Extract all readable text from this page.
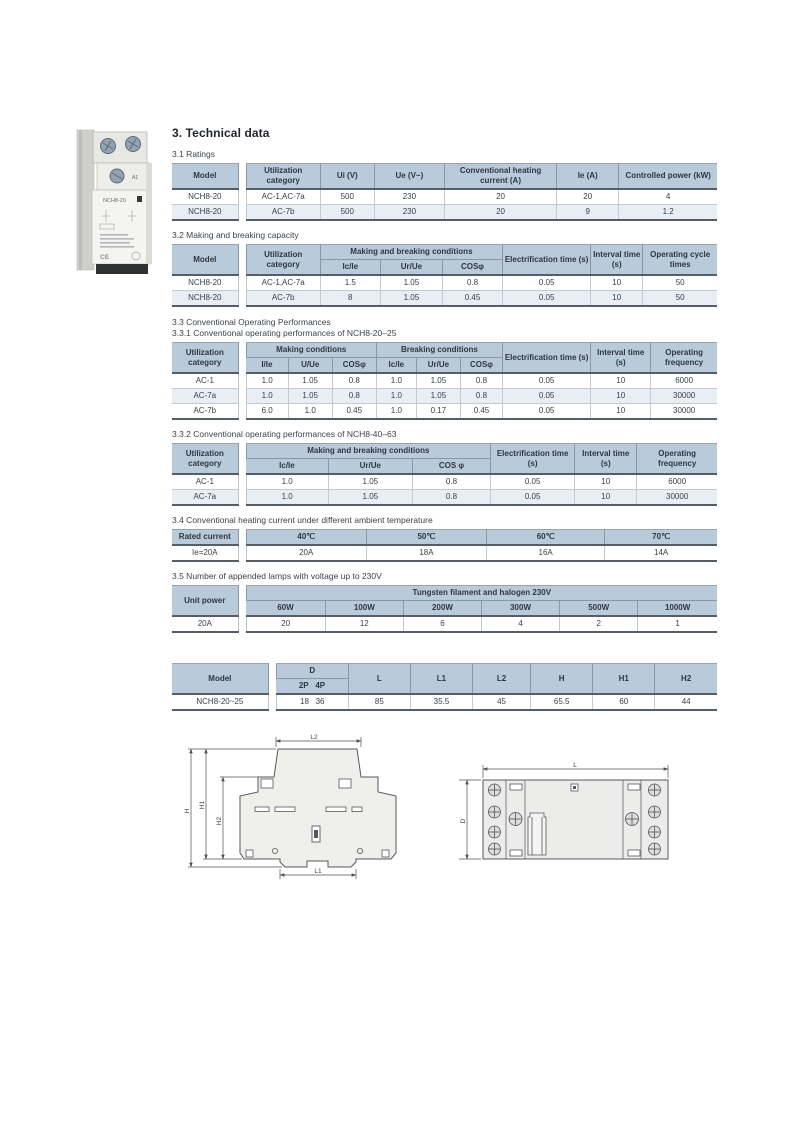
A1
NCH8-20
CE
3. Technical data

3.1 Ratings

Model		Utilization category	Ui (V)	Ue (V~)	Conventional heating current (A)	Ie (A)	Controlled power (kW)
NCH8-20		AC-1,AC-7a	500	230	20	20	4
NCH8-20		AC-7b	500	230	20	9	1.2

3.2 Making and breaking capacity

Model		Utilization category	Making and breaking conditions			Electrification time (s)	Interval time (s)	Operating cycle times
			Ic/Ie	Ur/Ue	COSφ			
NCH8-20		AC-1,AC-7a	1.5	1.05	0.8	0.05	10	50
NCH8-20		AC-7b	8	1.05	0.45	0.05	10	50

3.3 Conventional Operating Performances

3.3.1 Conventional operating performances of NCH8-20–25

Utilization category		Making conditions			Breaking conditions			Electrification time (s)	Interval time (s)	Operating frequency
		I/Ie	U/Ue	COSφ	Ic/Ie	Ur/Ue	COSφ			
AC-1		1.0	1.05	0.8	1.0	1.05	0.8	0.05	10	6000
AC-7a		1.0	1.05	0.8	1.0	1.05	0.8	0.05	10	30000
AC-7b		6.0	1.0	0.45	1.0	0.17	0.45	0.05	10	30000

3.3.2 Conventional operating performances of NCH8-40–63

Utilization category		Making and breaking conditions			Electrification time (s)	Interval time (s)	Operating frequency
		Ic/Ie	Ur/Ue	COS φ			
AC-1		1.0	1.05	0.8	0.05	10	6000
AC-7a		1.0	1.05	0.8	0.05	10	30000

3.4 Conventional heating current under different ambient temperature

Rated current		40℃	50℃	60℃	70℃
Ie=20A		20A	18A	16A	14A

3.5 Number of appended lamps with voltage up to 230V

Unit power		Tungsten filament and halogen 230V					
		60W	100W	200W	300W	500W	1000W
20A		20	12	6	4	2	1
Model		D	L	L1	L2	H	H1	H2
		2P   4P						
NCH8-20~25		18   36	85	35.5	45	65.5	60	44
L2
L1
H
H1
H2
L
D
